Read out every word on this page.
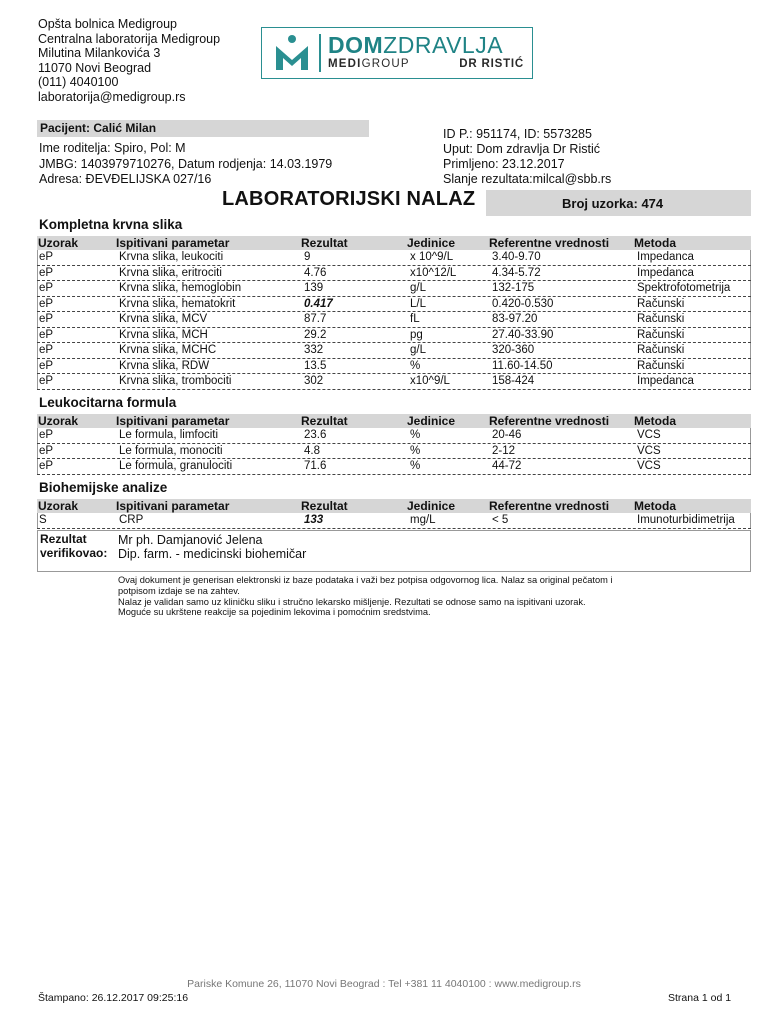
Opšta bolnica Medigroup
Centralna laboratorija Medigroup
Milutina Milankovića 3
11070 Novi Beograd
(011) 4040100
laboratorija@medigroup.rs
DOMZDRAVLJA
MEDIGROUP	DR RISTIĆ
Pacijent: Calić Milan
Ime roditelja: Spiro, Pol: M
JMBG: 1403979710276, Datum rodjenja: 14.03.1979
Adresa: ĐEVĐELIJSKA 027/16
ID P.: 951174, ID: 5573285
Uput: Dom zdravlja Dr Ristić
Primljeno: 23.12.2017
Slanje rezultata:milcal@sbb.rs
LABORATORIJSKI NALAZ	Broj uzorka: 474
Kompletna krvna slika
Uzorak	Ispitivani parametar	Rezultat	Jedinice	Referentne vrednosti Metoda
eP	Krvna slika, leukociti	9	x 10^9/L	3.40-9.70	Impedanca
eP	Krvna slika, eritrociti	4.76	x10^12/L	4.34-5.72	Impedanca
eP	Krvna slika, hemoglobin	139	g/L	132-175	Spektrofotometrija
eP	Krvna slika, hematokrit	0.417	L/L	0.420-0.530	Računski
eP	Krvna slika, MCV	87.7	fL	83-97.20	Računski
eP	Krvna slika, MCH	29.2	pg	27.40-33.90	Računski
eP	Krvna slika, MCHC	332	g/L	320-360	Računski
eP	Krvna slika, RDW	13.5	%	11.60-14.50	Računski
eP	Krvna slika, trombociti	302	x10^9/L	158-424	Impedanca
Leukocitarna formula
Uzorak	Ispitivani parametar	Rezultat	Jedinice	Referentne vrednosti Metoda
eP	Le formula, limfociti	23.6	%	20-46	VCS
eP	Le formula, monociti	4.8	%	2-12	VCS
eP	Le formula, granulociti	71.6	%	44-72	VCS
Biohemijske analize
Uzorak	Ispitivani parametar	Rezultat	Jedinice	Referentne vrednosti Metoda
S	CRP	133	mg/L	< 5	Imunoturbidimetrija
Rezultat
verifikovao:
Mr ph. Damjanović Jelena
Dip. farm. - medicinski biohemičar
Ovaj dokument je generisan elektronski iz baze podataka i važi bez potpisa odgovornog lica. Nalaz sa original pečatom i potpisom izdaje se na zahtev.
Nalaz je validan samo uz kliničku sliku i stručno lekarsko mišljenje. Rezultati se odnose samo na ispitivani uzorak. Moguće su ukrštene reakcije sa pojedinim lekovima i pomoćnim sredstvima.
Pariske Komune 26, 11070 Novi Beograd : Tel +381 11 4040100 : www.medigroup.rs
Štampano: 26.12.2017 09:25:16	Strana 1 od 1
